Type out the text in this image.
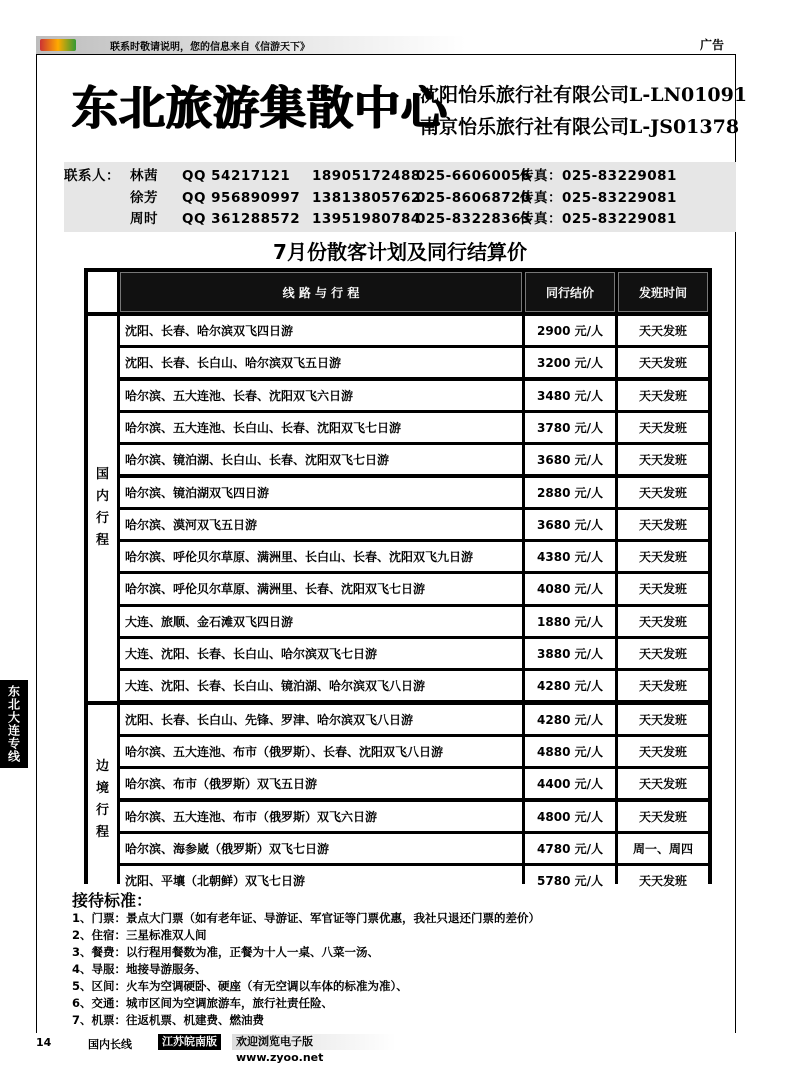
联系时敬请说明，您的信息来自《信游天下》	广告
东北旅游集散中心
沈阳怡乐旅行社有限公司L-LN01091
南京怡乐旅行社有限公司L-JS01378
联系人： 林茜 QQ 54217121 18905172488025-66060056传真：025-83229081
徐芳 QQ 956890997 13813805762025-86068720传真：025-83229081
周时 QQ 361288572 13951980784025-83228363传真：025-83229081
7月份散客计划及同行结算价
线 路 与 行 程	同行结价	发班时间
沈阳、长春、哈尔滨双飞四日游	2900 元/人	天天发班
沈阳、长春、长白山、哈尔滨双飞五日游	3200 元/人	天天发班
哈尔滨、五大连池、长春、沈阳双飞六日游	3480 元/人	天天发班
哈尔滨、五大连池、长白山、长春、沈阳双飞七日游	3780 元/人	天天发班
哈尔滨、镜泊湖、长白山、长春、沈阳双飞七日游	3680 元/人	天天发班
哈尔滨、镜泊湖双飞四日游	2880 元/人	天天发班
哈尔滨、漠河双飞五日游	3680 元/人	天天发班
哈尔滨、呼伦贝尔草原、满洲里、长白山、长春、沈阳双飞九日游	4380 元/人	天天发班
哈尔滨、呼伦贝尔草原、满洲里、长春、沈阳双飞七日游	4080 元/人	天天发班
大连、旅顺、金石滩双飞四日游	1880 元/人	天天发班
大连、沈阳、长春、长白山、哈尔滨双飞七日游	3880 元/人	天天发班
大连、沈阳、长春、长白山、镜泊湖、哈尔滨双飞八日游	4280 元/人	天天发班
国
内
行
程
沈阳、长春、长白山、先锋、罗津、哈尔滨双飞八日游	4280 元/人	天天发班
哈尔滨、五大连池、布市（俄罗斯）、长春、沈阳双飞八日游	4880 元/人	天天发班
哈尔滨、布市（俄罗斯）双飞五日游	4400 元/人	天天发班
哈尔滨、五大连池、布市（俄罗斯）双飞六日游	4800 元/人	天天发班
哈尔滨、海参崴（俄罗斯）双飞七日游	4780 元/人	周一、周四
沈阳、平壤（北朝鲜）双飞七日游	5780 元/人	天天发班
边
境
行
程
接待标准：
1、门票：景点大门票（如有老年证、导游证、军官证等门票优惠，我社只退还门票的差价）
2、住宿：三星标准双人间
3、餐费：以行程用餐数为准，正餐为十人一桌、八菜一汤、
4、导服：地接导游服务、
5、区间：火车为空调硬卧、硬座（有无空调以车体的标准为准）、
6、交通：城市区间为空调旅游车，旅行社责任险、
7、机票：往返机票、机建费、燃油费
东北大连专线
14	国内长线	江苏皖南版	欢迎浏览电子版 www.zyoo.net
